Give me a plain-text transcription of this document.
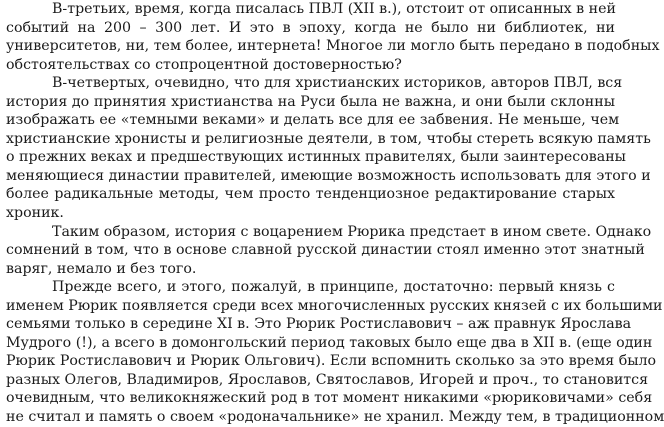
В-третьих, время, когда писалась ПВЛ (XII в.), отстоит от описанных в ней
событий на 200 – 300 лет. И это в эпоху, когда не было ни библиотек, ни
университетов, ни, тем более, интернета! Многое ли могло быть передано в подобных
обстоятельствах со стопроцентной достоверностью?
В-четвертых, очевидно, что для христианских историков, авторов ПВЛ, вся
история до принятия христианства на Руси была не важна, и они были склонны
изображать ее «темными веками» и делать все для ее забвения. Не меньше, чем
христианские хронисты и религиозные деятели, в том, чтобы стереть всякую память
о прежних веках и предшествующих истинных правителях, были заинтересованы
меняющиеся династии правителей, имеющие возможность использовать для этого и
более радикальные методы, чем просто тенденциозное редактирование старых
хроник.
Таким образом, история с воцарением Рюрика предстает в ином свете. Однако
сомнений в том, что в основе славной русской династии стоял именно этот знатный
варяг, немало и без того.
Прежде всего, и этого, пожалуй, в принципе, достаточно: первый князь с
именем Рюрик появляется среди всех многочисленных русских князей с их большими
семьями только в середине XI в. Это Рюрик Ростиславович – аж правнук Ярослава
Мудрого (!), а всего в домонгольский период таковых было еще два в XII в. (еще один
Рюрик Ростиславович и Рюрик Ольгович). Если вспомнить сколько за это время было
разных Олегов, Владимиров, Ярославов, Святославов, Игорей и проч., то становится
очевидным, что великокняжеский род в тот момент никакими «рюриковичами» себя
не считал и память о своем «родоначальнике» не хранил. Между тем, в традиционном
